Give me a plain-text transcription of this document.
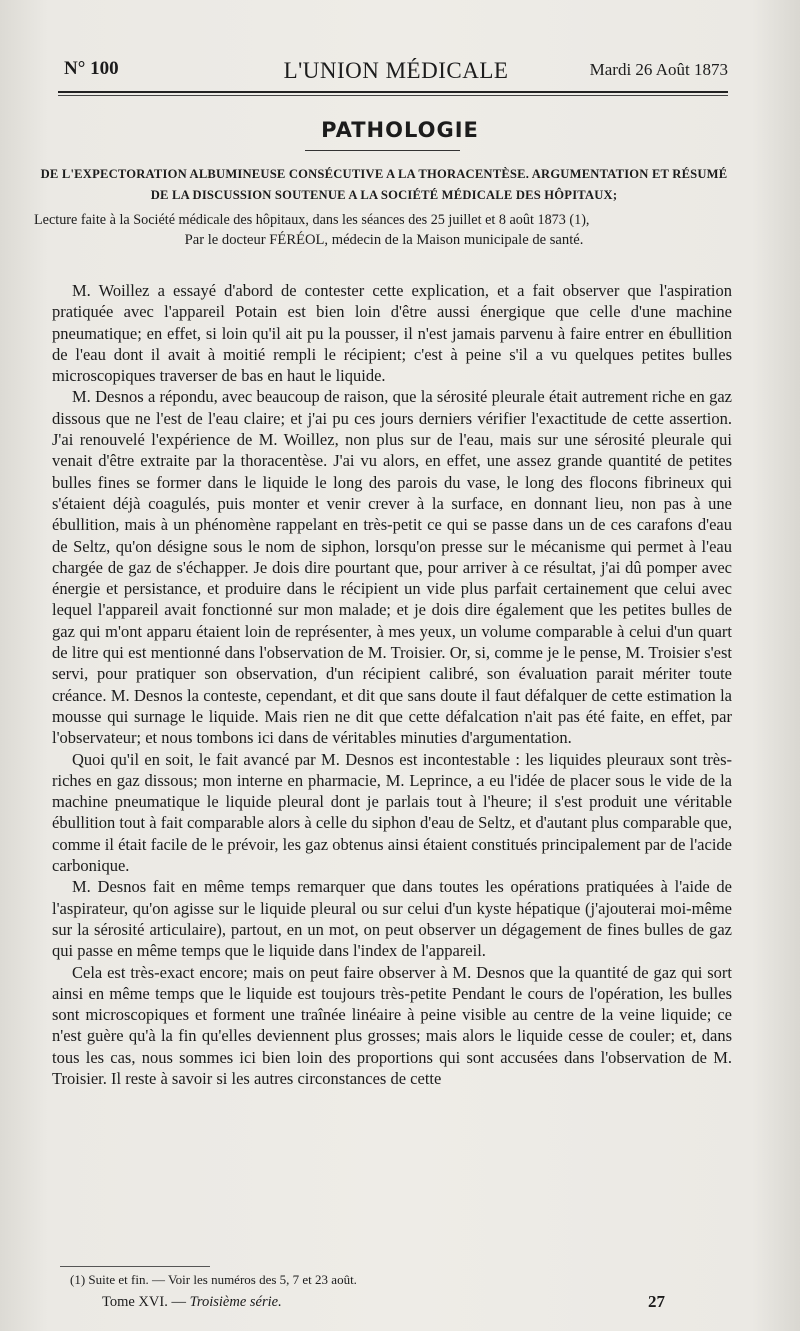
N° 100	L'UNION MÉDICALE	Mardi 26 Août 1873
PATHOLOGIE
DE L'EXPECTORATION ALBUMINEUSE CONSÉCUTIVE A LA THORACENTÈSE. ARGUMENTATION ET RÉSUMÉ DE LA DISCUSSION SOUTENUE A LA SOCIÉTÉ MÉDICALE DES HÔPITAUX;
Lecture faite à la Société médicale des hôpitaux, dans les séances des 25 juillet et 8 août 1873 (1),
Par le docteur FÉRÉOL, médecin de la Maison municipale de santé.

M. Woillez a essayé d'abord de contester cette explication, et a fait observer que l'aspiration pratiquée avec l'appareil Potain est bien loin d'être aussi énergique que celle d'une machine pneumatique; en effet, si loin qu'il ait pu la pousser, il n'est jamais parvenu à faire entrer en ébullition de l'eau dont il avait à moitié rempli le récipient; c'est à peine s'il a vu quelques petites bulles microscopiques traverser de bas en haut le liquide.

M. Desnos a répondu, avec beaucoup de raison, que la sérosité pleurale était autrement riche en gaz dissous que ne l'est de l'eau claire; et j'ai pu ces jours derniers vérifier l'exactitude de cette assertion. J'ai renouvelé l'expérience de M. Woillez, non plus sur de l'eau, mais sur une sérosité pleurale qui venait d'être extraite par la thoracentèse. J'ai vu alors, en effet, une assez grande quantité de petites bulles fines se former dans le liquide le long des parois du vase, le long des flocons fibrineux qui s'étaient déjà coagulés, puis monter et venir crever à la surface, en donnant lieu, non pas à une ébullition, mais à un phénomène rappelant en très-petit ce qui se passe dans un de ces carafons d'eau de Seltz, qu'on désigne sous le nom de siphon, lorsqu'on presse sur le mécanisme qui permet à l'eau chargée de gaz de s'échapper. Je dois dire pourtant que, pour arriver à ce résultat, j'ai dû pomper avec énergie et persistance, et produire dans le récipient un vide plus parfait certainement que celui avec lequel l'appareil avait fonctionné sur mon malade; et je dois dire également que les petites bulles de gaz qui m'ont apparu étaient loin de représenter, à mes yeux, un volume comparable à celui d'un quart de litre qui est mentionné dans l'observation de M. Troisier. Or, si, comme je le pense, M. Troisier s'est servi, pour pratiquer son observation, d'un récipient calibré, son évaluation parait mériter toute créance. M. Desnos la conteste, cependant, et dit que sans doute il faut défalquer de cette estimation la mousse qui surnage le liquide. Mais rien ne dit que cette défalcation n'ait pas été faite, en effet, par l'observateur; et nous tombons ici dans de véritables minuties d'argumentation.

Quoi qu'il en soit, le fait avancé par M. Desnos est incontestable : les liquides pleuraux sont très-riches en gaz dissous; mon interne en pharmacie, M. Leprince, a eu l'idée de placer sous le vide de la machine pneumatique le liquide pleural dont je parlais tout à l'heure; il s'est produit une véritable ébullition tout à fait comparable alors à celle du siphon d'eau de Seltz, et d'autant plus comparable que, comme il était facile de le prévoir, les gaz obtenus ainsi étaient constitués principalement par de l'acide carbonique.

M. Desnos fait en même temps remarquer que dans toutes les opérations pratiquées à l'aide de l'aspirateur, qu'on agisse sur le liquide pleural ou sur celui d'un kyste hépatique (j'ajouterai moi-même sur la sérosité articulaire), partout, en un mot, on peut observer un dégagement de fines bulles de gaz qui passe en même temps que le liquide dans l'index de l'appareil.

Cela est très-exact encore; mais on peut faire observer à M. Desnos que la quantité de gaz qui sort ainsi en même temps que le liquide est toujours très-petite Pendant le cours de l'opération, les bulles sont microscopiques et forment une traînée linéaire à peine visible au centre de la veine liquide; ce n'est guère qu'à la fin qu'elles deviennent plus grosses; mais alors le liquide cesse de couler; et, dans tous les cas, nous sommes ici bien loin des proportions qui sont accusées dans l'observation de M. Troisier. Il reste à savoir si les autres circonstances de cette

(1) Suite et fin. — Voir les numéros des 5, 7 et 23 août.
Tome XVI. — Troisième série.	27
